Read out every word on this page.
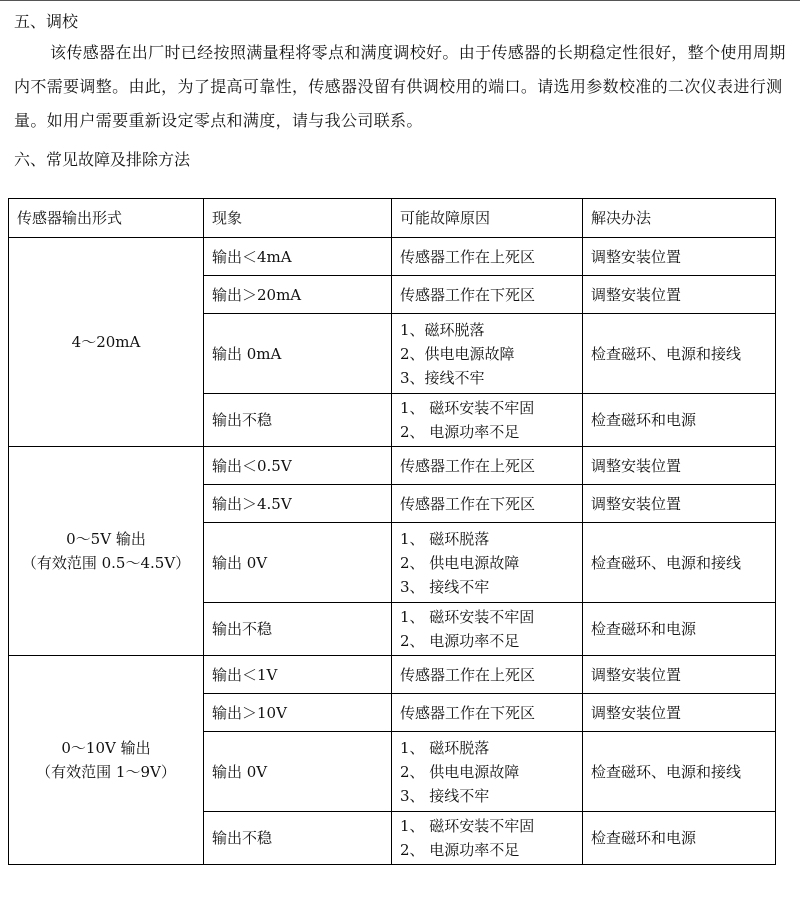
五、调校
该传感器在出厂时已经按照满量程将零点和满度调校好。由于传感器的长期稳定性很好，整个使用周期内不需要调整。由此，为了提高可靠性，传感器没留有供调校用的端口。请选用参数校准的二次仪表进行测量。如用户需要重新设定零点和满度，请与我公司联系。
六、常见故障及排除方法
传感器输出形式	现象	可能故障原因	解决办法

4～20mA	输出＜4mA	传感器工作在上死区	调整安装位置
	输出＞20mA	传感器工作在下死区	调整安装位置
	输出 0mA	1、磁环脱落
2、供电电源故障
3、接线不牢	检查磁环、电源和接线
	输出不稳	1、 磁环安装不牢固
2、 电源功率不足	检查磁环和电源

0～5V 输出
（有效范围 0.5～4.5V）	输出＜0.5V	传感器工作在上死区	调整安装位置
	输出＞4.5V	传感器工作在下死区	调整安装位置
	输出 0V	1、 磁环脱落
2、 供电电源故障
3、 接线不牢	检查磁环、电源和接线
	输出不稳	1、 磁环安装不牢固
2、 电源功率不足	检查磁环和电源

0～10V 输出
（有效范围 1～9V）	输出＜1V	传感器工作在上死区	调整安装位置
	输出＞10V	传感器工作在下死区	调整安装位置
	输出 0V	1、 磁环脱落
2、 供电电源故障
3、 接线不牢	检查磁环、电源和接线
	输出不稳	1、 磁环安装不牢固
2、 电源功率不足	检查磁环和电源
